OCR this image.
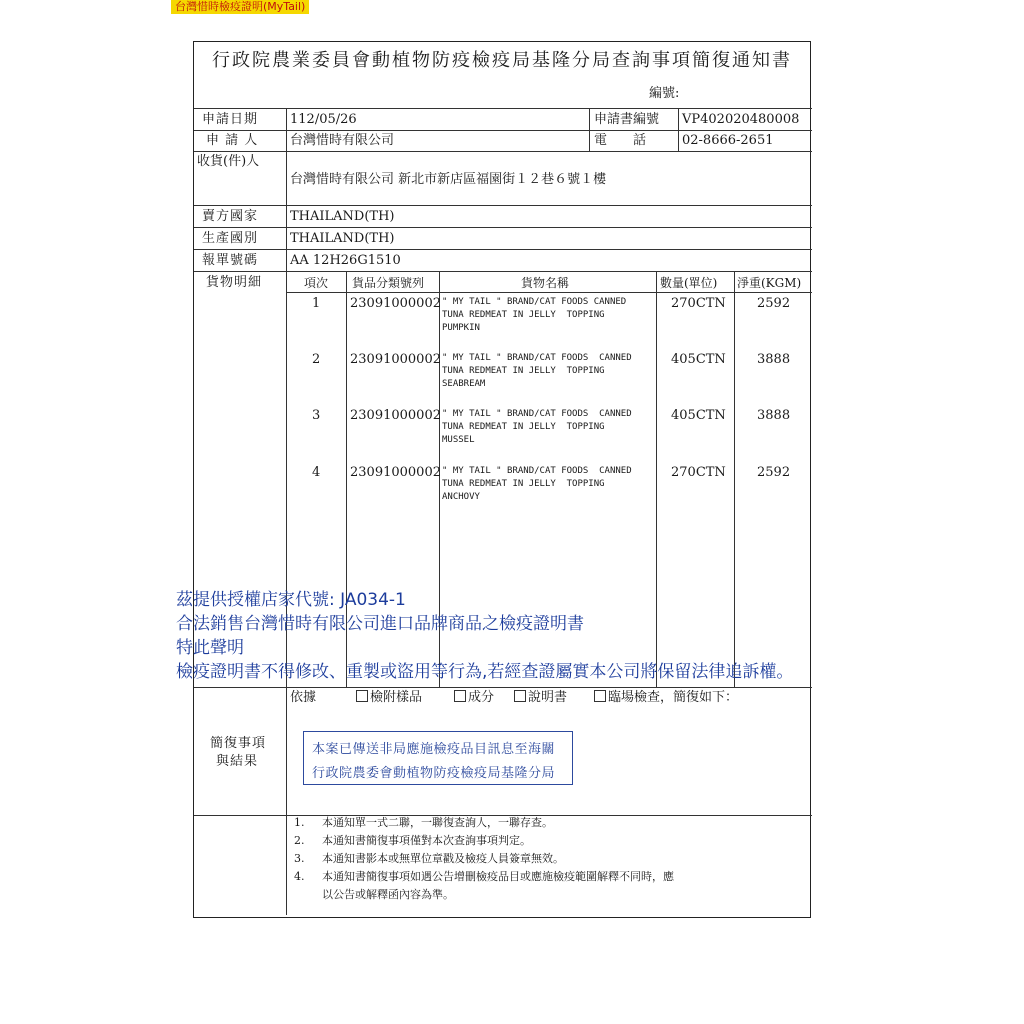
台灣惜時檢疫證明(MyTail)
行政院農業委員會動植物防疫檢疫局基隆分局查詢事項簡復通知書
編號:
申請日期 112/05/26	申請書編號 VP402020480008
申 請 人 台灣惜時有限公司	電　　話	02-8666-2651
收貨(件)人
台灣惜時有限公司 新北市新店區福園街１２巷６號１樓
賣方國家 THAILAND(TH)
生產國別 THAILAND(TH)
報單號碼 AA 12H26G1510
貨物明細	項次 貨品分類號列	貨物名稱	數量(單位) 淨重(KGM)
1 23091000002 " MY TAIL " BRAND/CAT FOODS CANNED
TUNA REDMEAT IN JELLY  TOPPING
PUMPKIN
270CTN 2592
2 23091000002 " MY TAIL " BRAND/CAT FOODS  CANNED
TUNA REDMEAT IN JELLY  TOPPING
SEABREAM
405CTN 3888
3 23091000002 " MY TAIL " BRAND/CAT FOODS  CANNED
TUNA REDMEAT IN JELLY  TOPPING
MUSSEL
405CTN 3888
4 23091000002 " MY TAIL " BRAND/CAT FOODS  CANNED
TUNA REDMEAT IN JELLY  TOPPING
ANCHOVY
270CTN 2592
依據	檢附樣品	成分	說明書	臨場檢查，簡復如下：
簡復事項
與結果
本案已傳送非局應施檢疫品目訊息至海關
行政院農委會動植物防疫檢疫局基隆分局
1. 本通知單一式二聯，一聯復查詢人，一聯存查。
2. 本通知書簡復事項僅對本次查詢事項判定。
3. 本通知書影本或無單位章戳及檢疫人員簽章無效。
4. 本通知書簡復事項如遇公告增刪檢疫品目或應施檢疫範圍解釋不同時，應
以公告或解釋函內容為準。
茲提供授權店家代號: JA034-1
合法銷售台灣惜時有限公司進口品牌商品之檢疫證明書
特此聲明
檢疫證明書不得修改、重製或盜用等行為,若經查證屬實本公司將保留法律追訴權。
